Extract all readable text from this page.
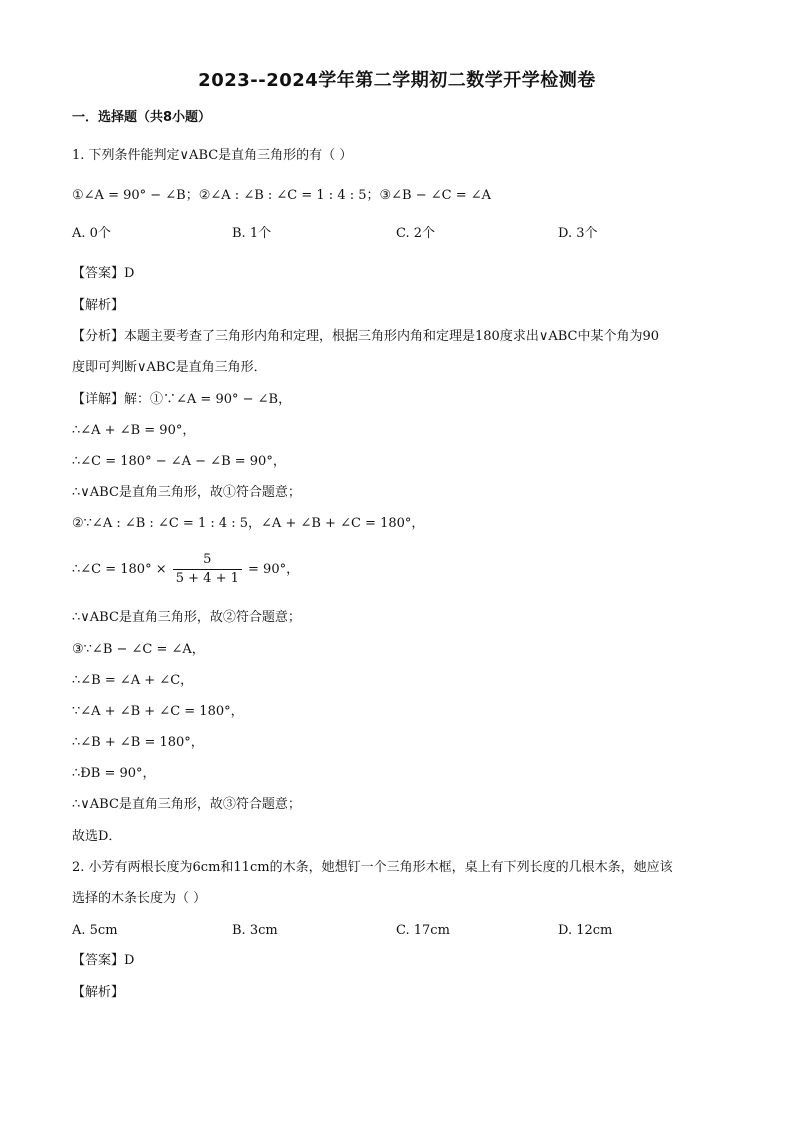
2023--2024学年第二学期初二数学开学检测卷
一．选择题（共8小题）
1. 下列条件能判定∨ABC是直角三角形的有（ ）
①∠A = 90° − ∠B；②∠A : ∠B : ∠C = 1 : 4 : 5；③∠B − ∠C = ∠A
A. 0个	B. 1个	C. 2个	D. 3个
【答案】D
【解析】
【分析】本题主要考查了三角形内角和定理，根据三角形内角和定理是180度求出∨ABC中某个角为90
度即可判断∨ABC是直角三角形．
【详解】解：①∵∠A = 90° − ∠B，
∴∠A + ∠B = 90°，
∴∠C = 180° − ∠A − ∠B = 90°，
∴∨ABC是直角三角形，故①符合题意；
②∵∠A : ∠B : ∠C = 1 : 4 : 5，∠A + ∠B + ∠C = 180°，
∴∠C = $180^\circ \times \frac{5}{5 + 4 + 1} = 90^\circ$，
∴∨ABC是直角三角形，故②符合题意；
③∵∠B − ∠C = ∠A，
∴∠B = ∠A + ∠C，
∵∠A + ∠B + ∠C = 180°，
∴∠B + ∠B = 180°，
∴ÐB = 90°，
∴∨ABC是直角三角形，故③符合题意；
故选D．
2. 小芳有两根长度为6cm和11cm的木条，她想钉一个三角形木框，桌上有下列长度的几根木条，她应该
选择的木条长度为（ ）
A. 5cm	B. 3cm	C. 17cm	D. 12cm
【答案】D
【解析】
